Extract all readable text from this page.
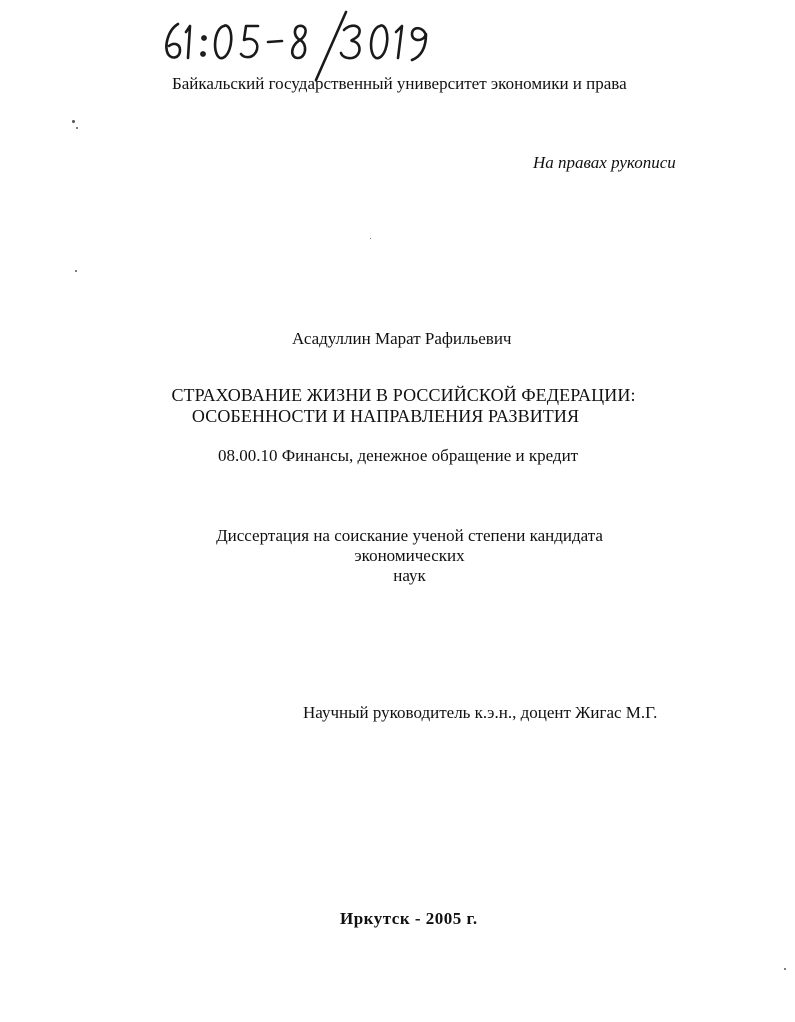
Байкальский государственный университет экономики и права
На правах рукописи
Асадуллин Марат Рафильевич
СТРАХОВАНИЕ ЖИЗНИ В РОССИЙСКОЙ ФЕДЕРАЦИИ:
ОСОБЕННОСТИ И НАПРАВЛЕНИЯ РАЗВИТИЯ
08.00.10 Финансы, денежное обращение и кредит
Диссертация на соискание ученой степени кандидата
экономических
наук
Научный руководитель к.э.н., доцент Жигас М.Г.
Иркутск - 2005 г.
